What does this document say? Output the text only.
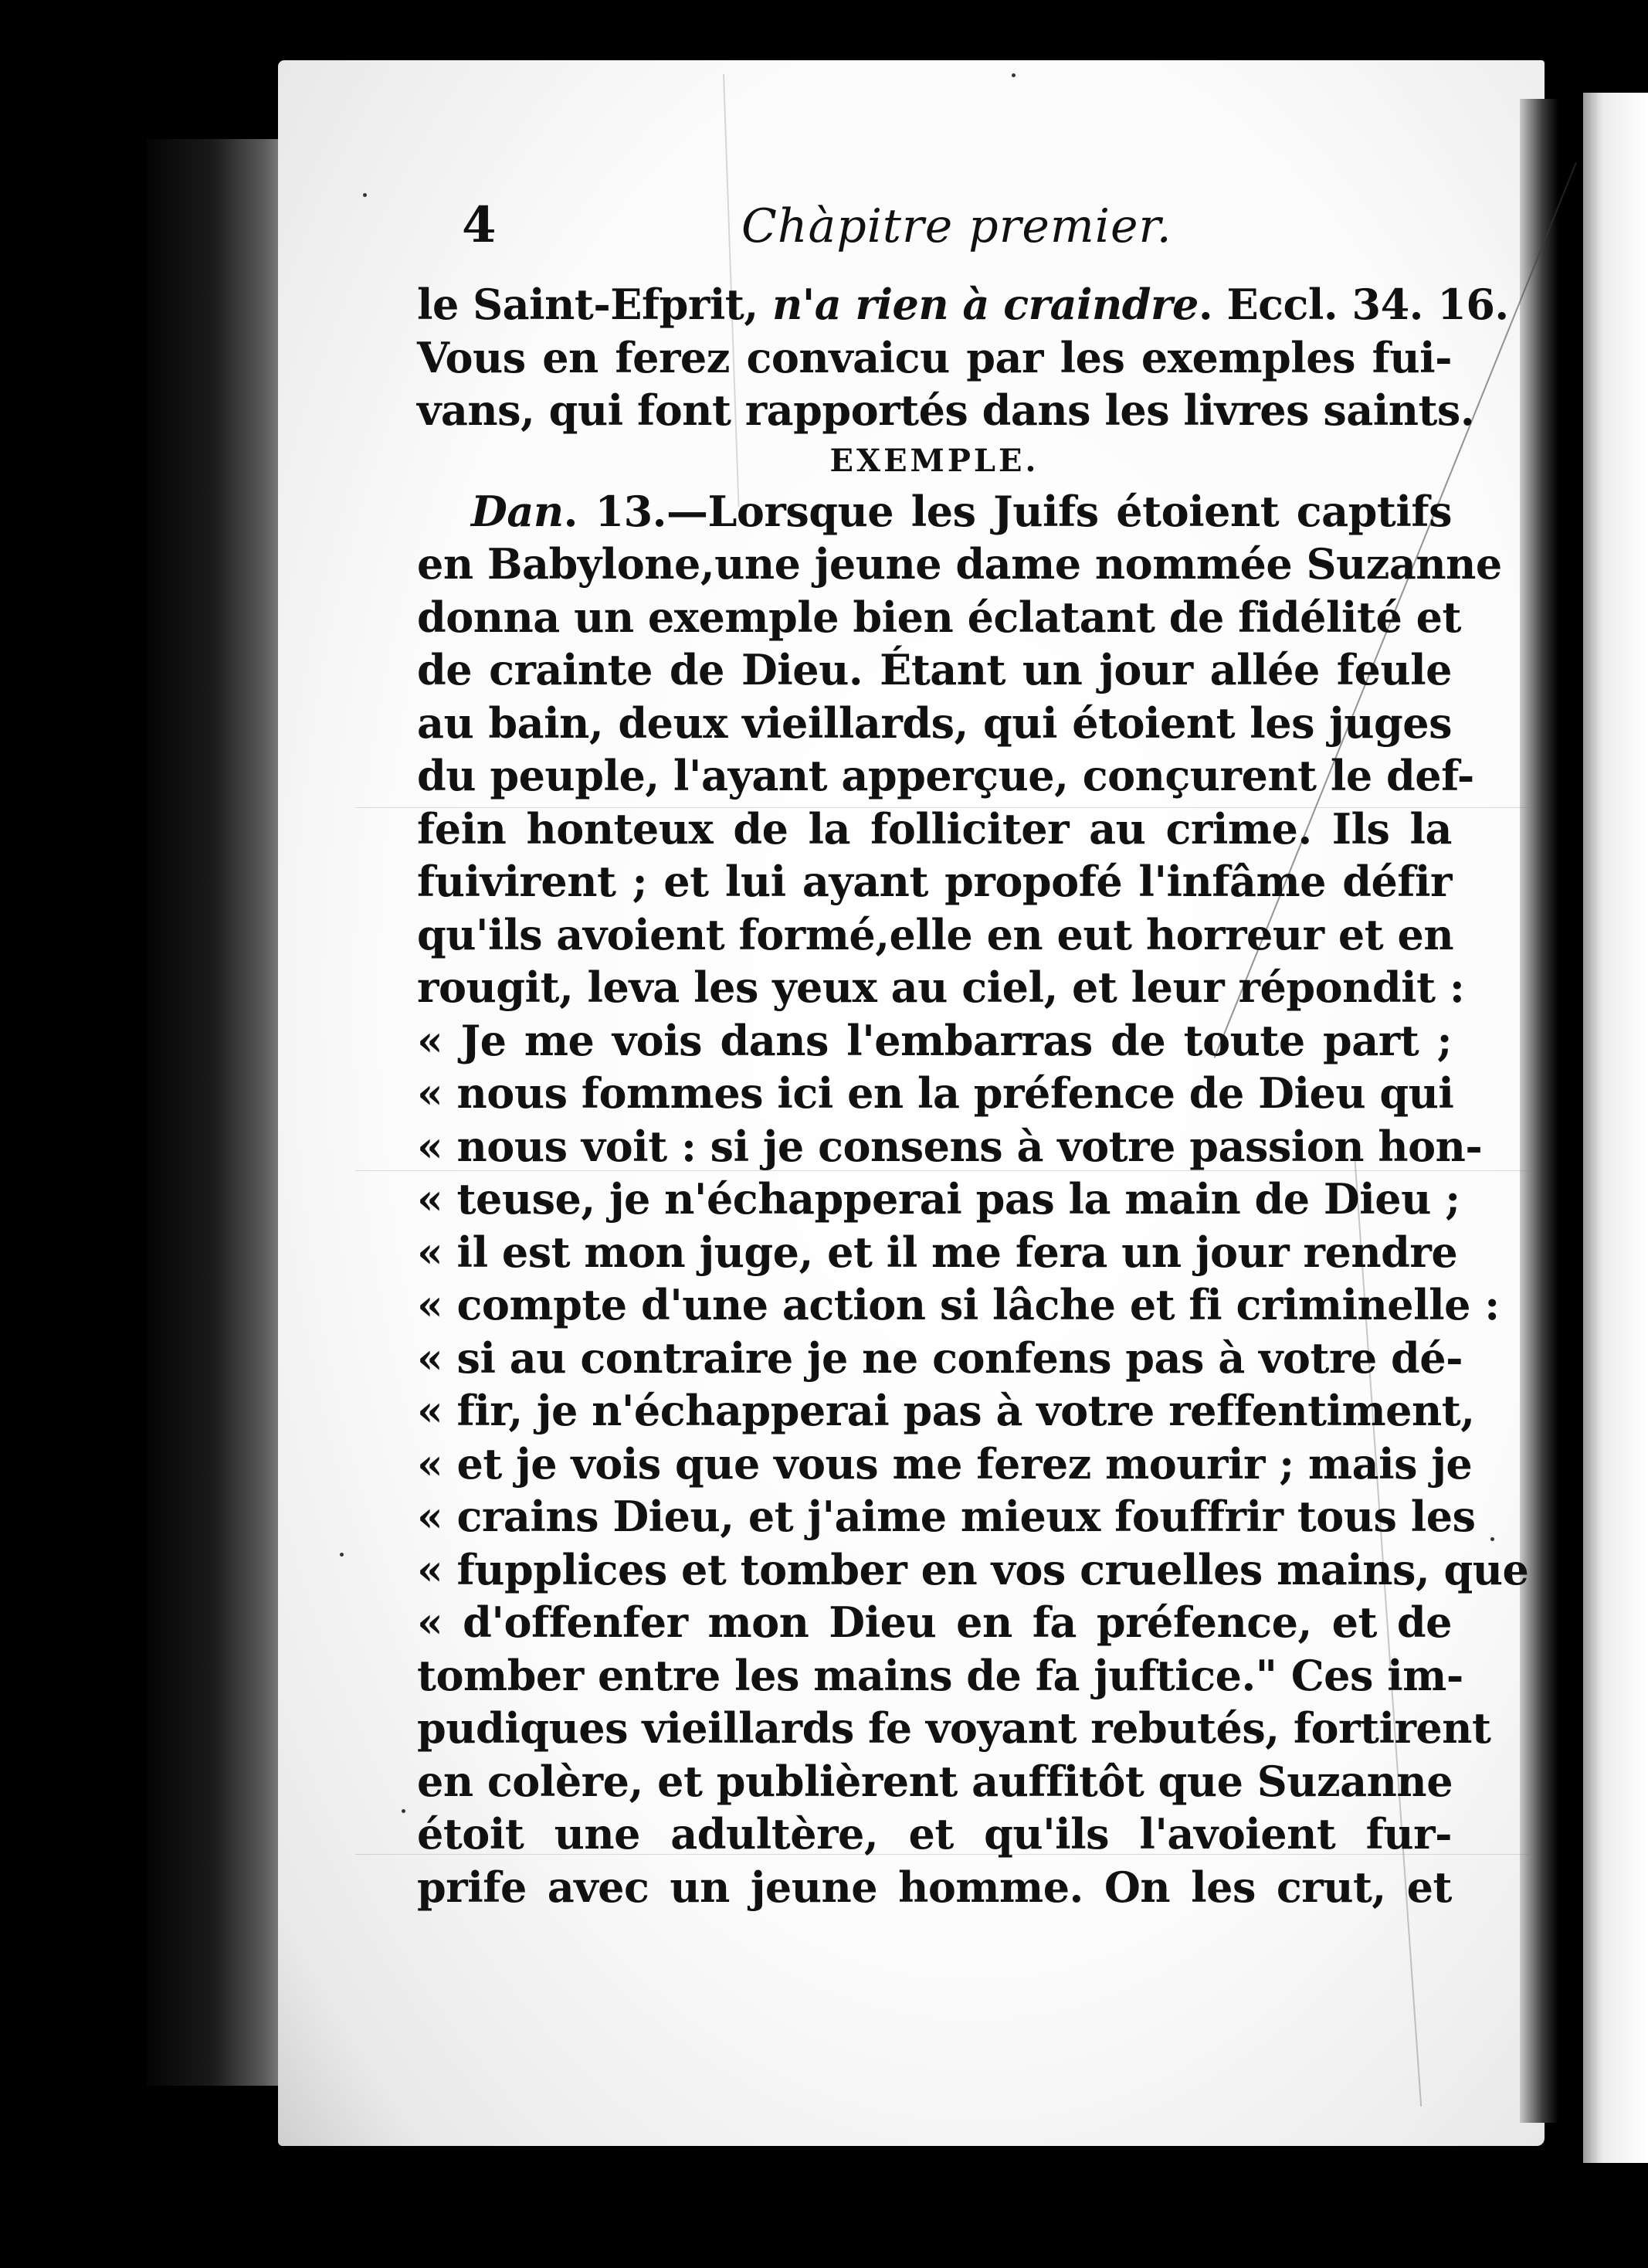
4	Chàpitre premier.
le Saint-Efprit, n'a rien à craindre. Eccl. 34. 16.
Vous en ferez convaicu par les exemples fui-
vans, qui font rapportés dans les livres saints.
EXEMPLE.
Dan. 13.—Lorsque les Juifs étoient captifs
en Babylone,une jeune dame nommée Suzanne
donna un exemple bien éclatant de fidélité et
de crainte de Dieu. Étant un jour allée feule
au bain, deux vieillards, qui étoient les juges
du peuple, l'ayant apperçue, conçurent le def-
fein honteux de la folliciter au crime. Ils la
fuivirent ; et lui ayant propofé l'infâme défir
qu'ils avoient formé,elle en eut horreur et en
rougit, leva les yeux au ciel, et leur répondit :
« Je me vois dans l'embarras de toute part ;
« nous fommes ici en la préfence de Dieu qui
« nous voit : si je consens à votre passion hon-
« teuse, je n'échapperai pas la main de Dieu ;
« il est mon juge, et il me fera un jour rendre
« compte d'une action si lâche et fi criminelle :
« si au contraire je ne confens pas à votre dé-
« fir, je n'échapperai pas à votre reffentiment,
« et je vois que vous me ferez mourir ; mais je
« crains Dieu, et j'aime mieux fouffrir tous les
« fupplices et tomber en vos cruelles mains, que
« d'offenfer mon Dieu en fa préfence, et de
tomber entre les mains de fa juftice." Ces im-
pudiques vieillards fe voyant rebutés, fortirent
en colère, et publièrent auffitôt que Suzanne
étoit une adultère, et qu'ils l'avoient fur-
prife avec un jeune homme. On les crut, et
